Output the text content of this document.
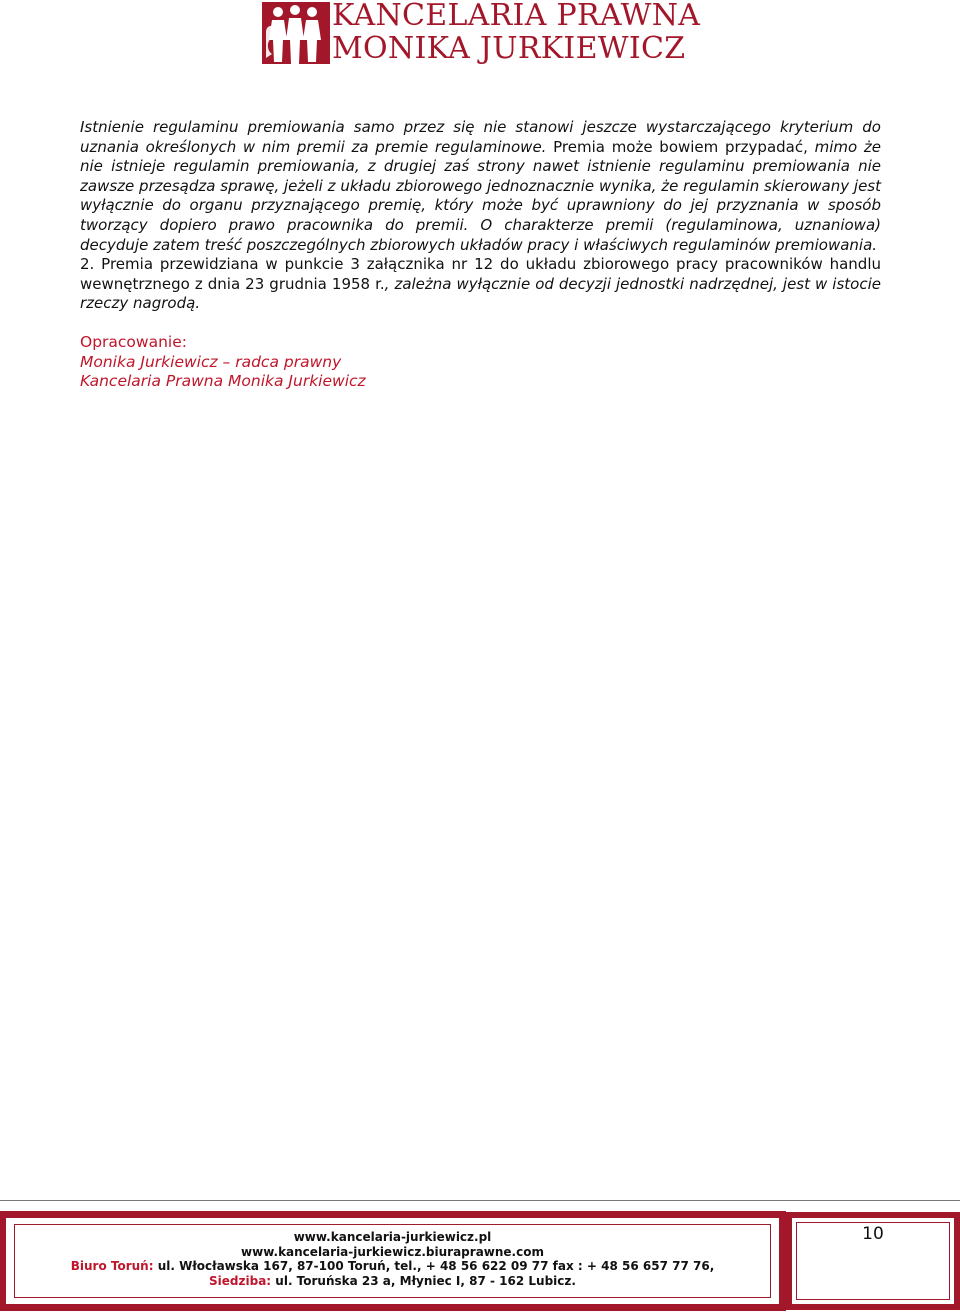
KANCELARIA PRAWNA
MONIKA JURKIEWICZ

Istnienie regulaminu premiowania samo przez się nie stanowi jeszcze wystarczającego kryterium do uznania określonych w nim premii za premie regulaminowe. Premia może bowiem przypadać, mimo że nie istnieje regulamin premiowania, z drugiej zaś strony nawet istnienie regulaminu premiowania nie zawsze przesądza sprawę, jeżeli z układu zbiorowego jednoznacznie wynika, że regulamin skierowany jest wyłącznie do organu przyznającego premię, który może być uprawniony do jej przyznania w sposób tworzący dopiero prawo pracownika do premii. O charakterze premii (regulaminowa, uznaniowa) decyduje zatem treść poszczególnych zbiorowych układów pracy i właściwych regulaminów premiowania.

2. Premia przewidziana w punkcie 3 załącznika nr 12 do układu zbiorowego pracy pracowników handlu wewnętrznego z dnia 23 grudnia 1958 r., zależna wyłącznie od decyzji jednostki nadrzędnej, jest w istocie rzeczy nagrodą.

Opracowanie:
Monika Jurkiewicz – radca prawny
Kancelaria Prawna Monika Jurkiewicz
www.kancelaria-jurkiewicz.pl
www.kancelaria-jurkiewicz.biuraprawne.com
Biuro Toruń: ul. Włocławska 167, 87-100 Toruń, tel., + 48 56 622 09 77 fax : + 48 56 657 77 76,
Siedziba: ul. Toruńska 23 a, Młyniec I, 87 - 162 Lubicz.
10
